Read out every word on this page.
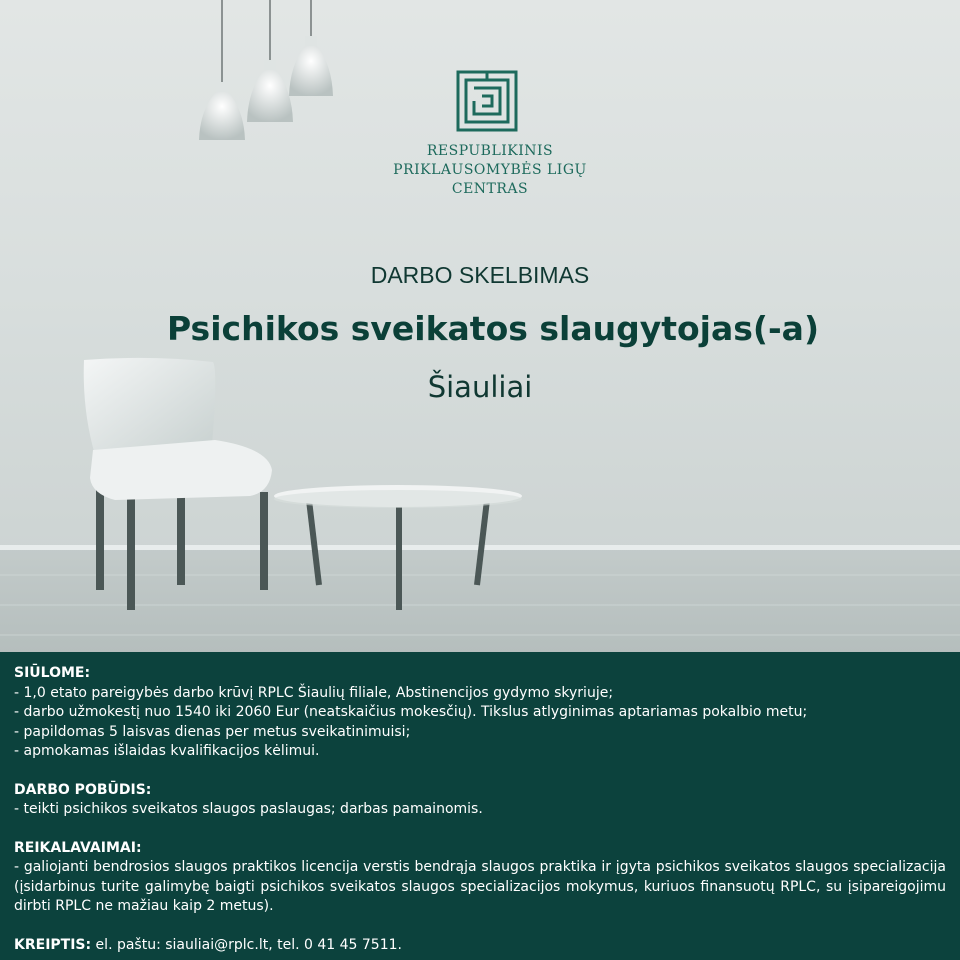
RESPUBLIKINIS
PRIKLAUSOMYBĖS LIGŲ
CENTRAS
DARBO SKELBIMAS
Psichikos sveikatos slaugytojas(-a)
Šiauliai
SIŪLOME:
- 1,0 etato pareigybės darbo krūvį RPLC Šiaulių filiale, Abstinencijos gydymo skyriuje;
- darbo užmokestį nuo 1540 iki 2060 Eur (neatskaičius mokesčių). Tikslus atlyginimas aptariamas pokalbio metu;
- papildomas 5 laisvas dienas per metus sveikatinimuisi;
- apmokamas išlaidas kvalifikacijos kėlimui.
DARBO POBŪDIS:
- teikti psichikos sveikatos slaugos paslaugas; darbas pamainomis.
REIKALAVAIMAI:
- galiojanti bendrosios slaugos praktikos licencija verstis bendrąja slaugos praktika ir įgyta psichikos sveikatos slaugos specializacija (įsidarbinus turite galimybę baigti psichikos sveikatos slaugos specializacijos mokymus, kuriuos finansuotų RPLC, su įsipareigojimu dirbti RPLC ne mažiau kaip 2 metus).
KREIPTIS: el. paštu: siauliai@rplc.lt, tel. 0 41 45 7511.
